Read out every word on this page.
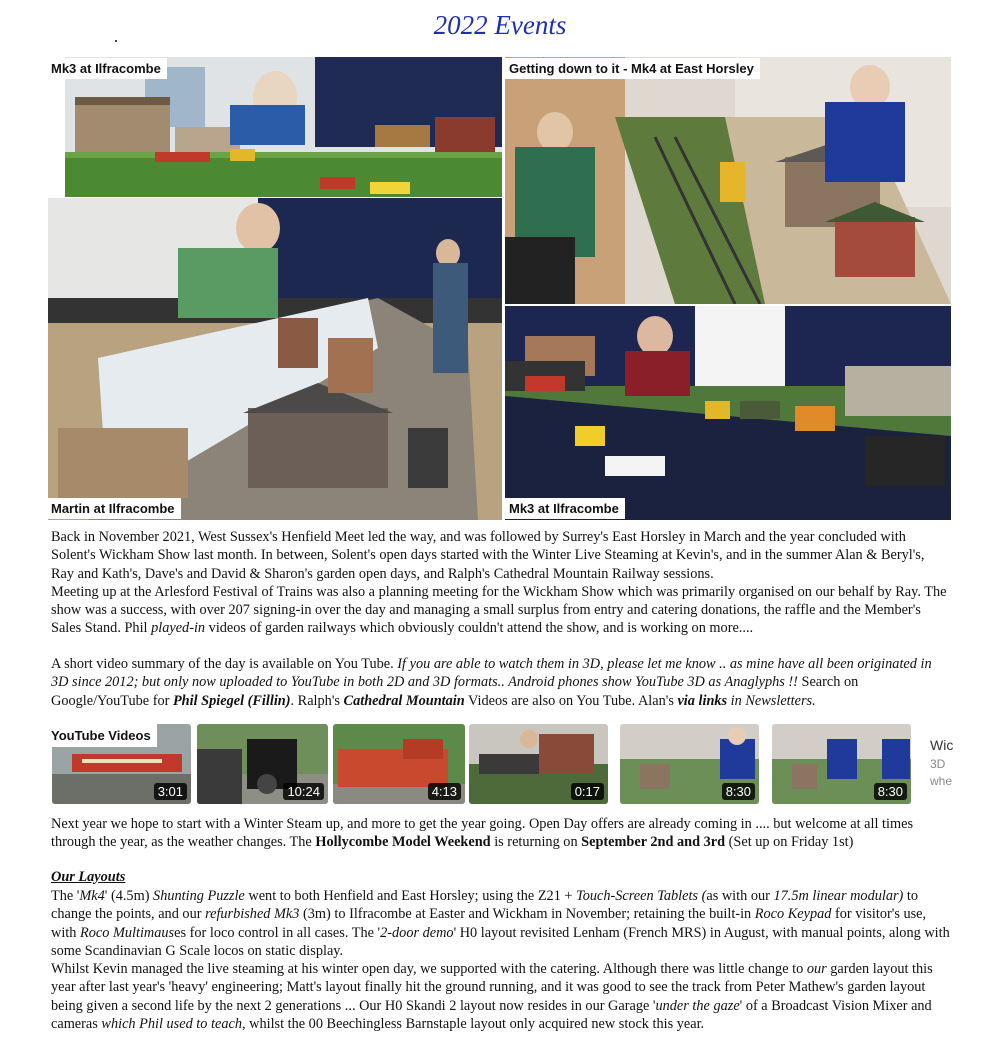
2022 Events
Mk3 at Ilfracombe	Getting down to it - Mk4 at East Horsley
Martin at Ilfracombe	Mk3 at Ilfracombe

Back in November 2021, West Sussex's Henfield Meet led the way, and was followed by Surrey's East Horsley in March and the year concluded with Solent's Wickham Show last month. In between, Solent's open days started with the Winter Live Steaming at Kevin's, and in the summer Alan & Beryl's, Ray and Kath's, Dave's and David & Sharon's garden open days, and Ralph's Cathedral Mountain Railway sessions.
Meeting up at the Arlesford Festival of Trains was also a planning meeting for the Wickham Show which was primarily organised on our behalf by Ray. The show was a success, with over 207 signing-in over the day and managing a small surplus from entry and catering donations, the raffle and the Member's Sales Stand. Phil played-in videos of garden railways which obviously couldn't attend the show, and is working on more....

A short video summary of the day is available on You Tube. If you are able to watch them in 3D, please let me know .. as mine have all been originated in 3D since 2012; but only now uploaded to YouTube in both 2D and 3D formats.. Android phones show YouTube 3D as Anaglyphs !! Search on Google/YouTube for Phil Spiegel (Fillin). Ralph's Cathedral Mountain Videos are also on You Tube. Alan's via links in Newsletters.

3:01	10:24	4:13	0:17	8:30	8:30
YouTube Videos
Wic
3D
whe

Next year we hope to start with a Winter Steam up, and more to get the year going. Open Day offers are already coming in .... but welcome at all times through the year, as the weather changes. The Hollycombe Model Weekend is returning on September 2nd and 3rd (Set up on Friday 1st)

Our Layouts

The 'Mk4' (4.5m) Shunting Puzzle went to both Henfield and East Horsley; using the Z21 + Touch-Screen Tablets (as with our 17.5m linear modular) to change the points, and our refurbished Mk3 (3m) to Ilfracombe at Easter and Wickham in November; retaining the built-in Roco Keypad for visitor's use, with Roco Multimauses for loco control in all cases. The '2-door demo' H0 layout revisited Lenham (French MRS) in August, with manual points, along with some Scandinavian G Scale locos on static display.
Whilst Kevin managed the live steaming at his winter open day, we supported with the catering. Although there was little change to our garden layout this year after last year's 'heavy' engineering; Matt's layout finally hit the ground running, and it was good to see the track from Peter Mathew's garden layout being given a second life by the next 2 generations ... Our H0 Skandi 2 layout now resides in our Garage 'under the gaze' of a Broadcast Vision Mixer and cameras which Phil used to teach, whilst the 00 Beechingless Barnstaple layout only acquired new stock this year.
